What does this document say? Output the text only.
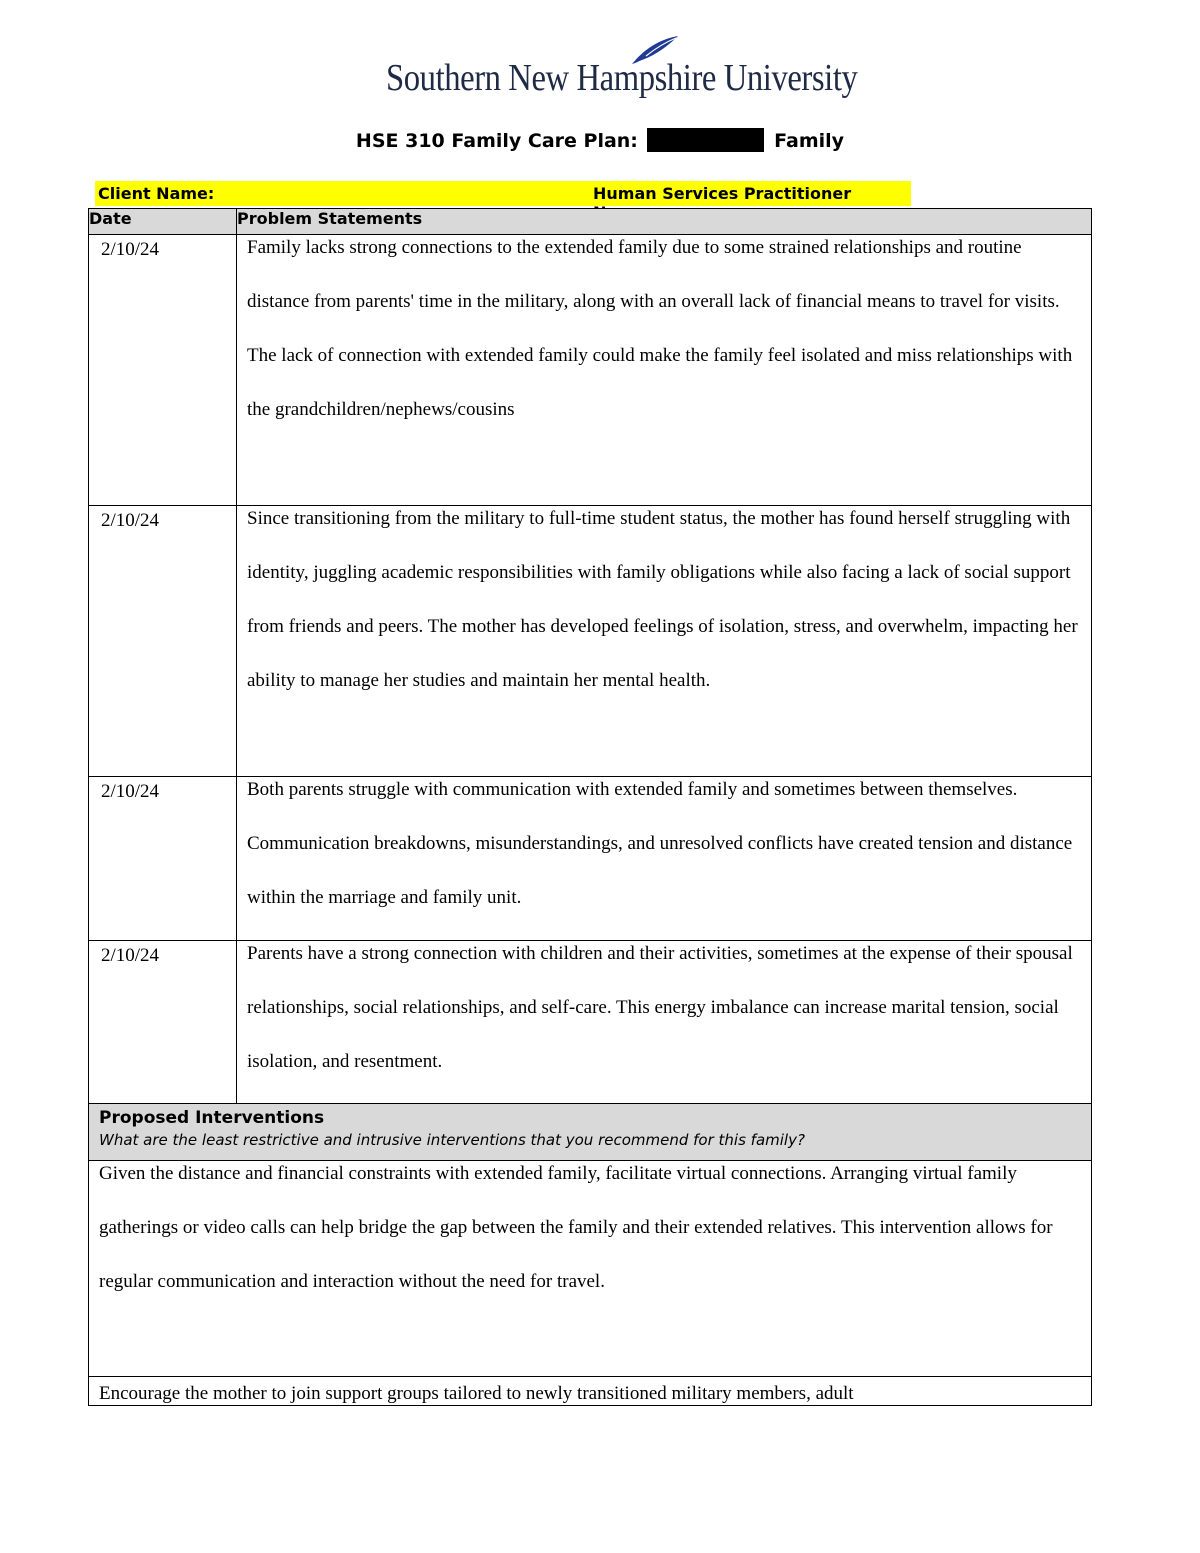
Southern New Hampshire University
HSE 310 Family Care Plan:	Family
Client Name:	Human Services Practitioner Name:
Date	Problem Statements
2/10/24	Family lacks strong connections to the extended family due to some strained relationships and routine distance from parents' time in the military, along with an overall lack of financial means to travel for visits. The lack of connection with extended family could make the family feel isolated and miss relationships with the grandchildren/nephews/cousins

2/10/24	Since transitioning from the military to full-time student status, the mother has found herself struggling with identity, juggling academic responsibilities with family obligations while also facing a lack of social support from friends and peers. The mother has developed feelings of isolation, stress, and overwhelm, impacting her ability to manage her studies and maintain her mental health.

2/10/24	Both parents struggle with communication with extended family and sometimes between themselves. Communication breakdowns, misunderstandings, and unresolved conflicts have created tension and distance within the marriage and family unit.

2/10/24	Parents have a strong connection with children and their activities, sometimes at the expense of their spousal relationships, social relationships, and self-care. This energy imbalance can increase marital tension, social isolation, and resentment.

Proposed Interventions
What are the least restrictive and intrusive interventions that you recommend for this family?	

Given the distance and financial constraints with extended family, facilitate virtual connections. Arranging virtual family gatherings or video calls can help bridge the gap between the family and their extended relatives. This intervention allows for regular communication and interaction without the need for travel.	

Encourage the mother to join support groups tailored to newly transitioned military members, adult	
